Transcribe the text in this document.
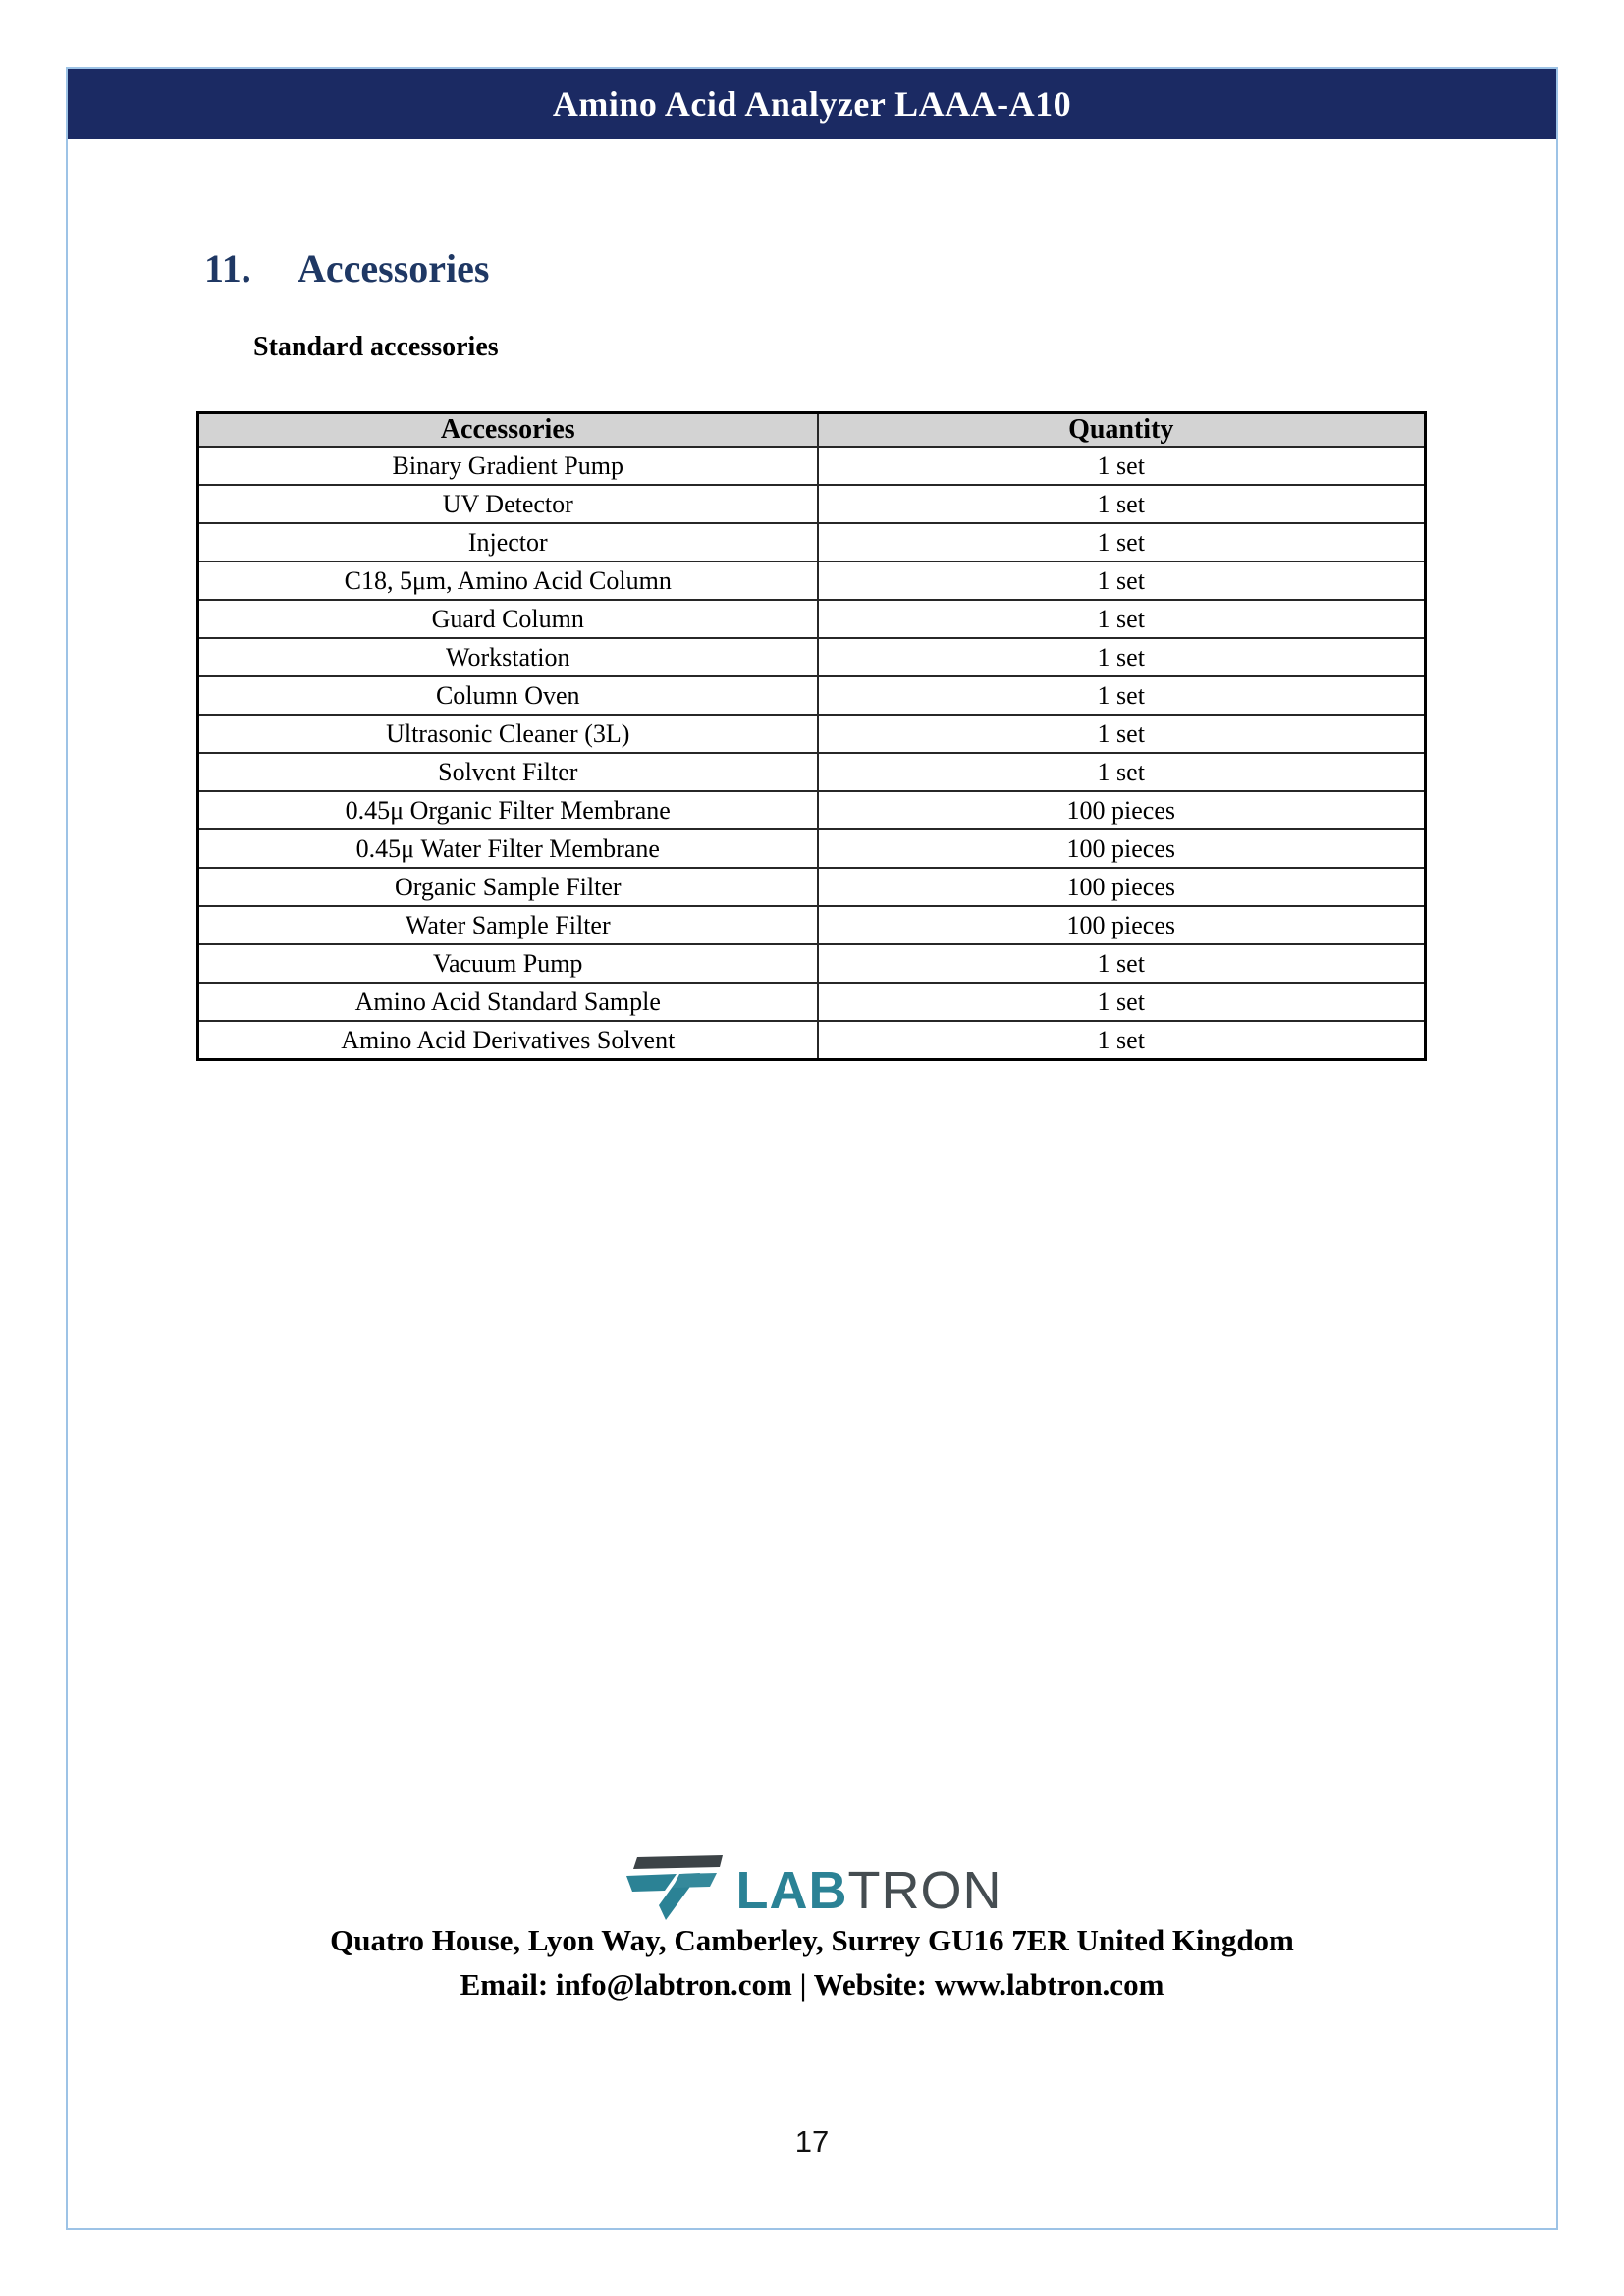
Amino Acid Analyzer LAAA-A10
11. Accessories
Standard accessories
Accessories	Quantity
Binary Gradient Pump	1 set
UV Detector	1 set
Injector	1 set
C18, 5μm, Amino Acid Column	1 set
Guard Column	1 set
Workstation	1 set
Column Oven	1 set
Ultrasonic Cleaner (3L)	1 set
Solvent Filter	1 set
0.45μ Organic Filter Membrane	100 pieces
0.45μ Water Filter Membrane	100 pieces
Organic Sample Filter	100 pieces
Water Sample Filter	100 pieces
Vacuum Pump	1 set
Amino Acid Standard Sample	1 set
Amino Acid Derivatives Solvent	1 set
LABTRON
Quatro House, Lyon Way, Camberley, Surrey GU16 7ER United Kingdom
Email: info@labtron.com | Website: www.labtron.com
17
